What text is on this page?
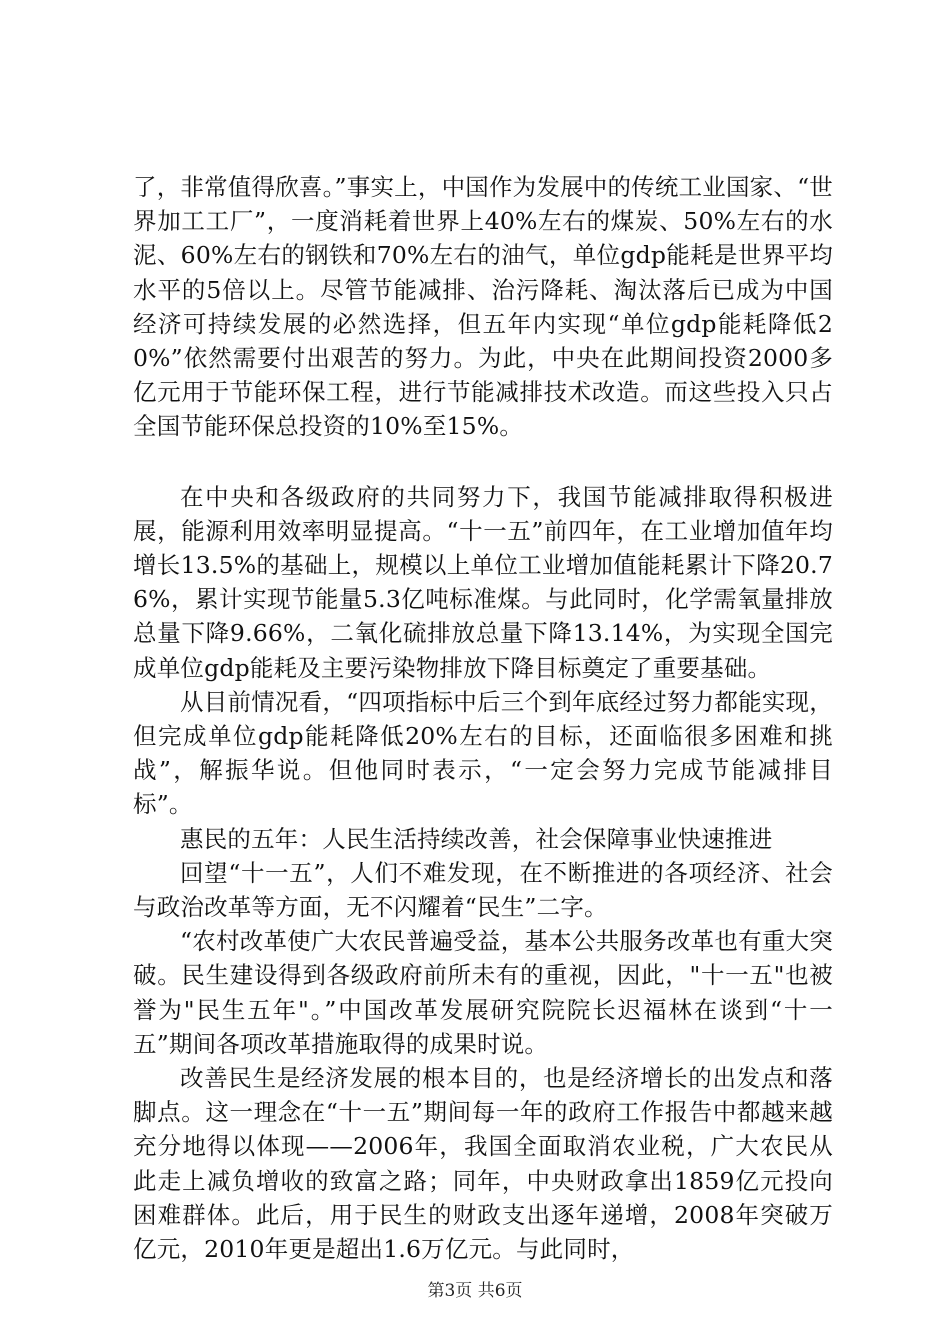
了，非常值得欣喜。”事实上，中国作为发展中的传统工业国家、“世界加工工厂”，一度消耗着世界上40%左右的煤炭、50%左右的水泥、60%左右的钢铁和70%左右的油气，单位gdp能耗是世界平均水平的5倍以上。尽管节能减排、治污降耗、淘汰落后已成为中国经济可持续发展的必然选择，但五年内实现“单位gdp能耗降低20%”依然需要付出艰苦的努力。为此，中央在此期间投资2000多亿元用于节能环保工程，进行节能减排技术改造。而这些投入只占全国节能环保总投资的10%至15%。

在中央和各级政府的共同努力下，我国节能减排取得积极进展，能源利用效率明显提高。“十一五”前四年，在工业增加值年均增长13.5%的基础上，规模以上单位工业增加值能耗累计下降20.76%，累计实现节能量5.3亿吨标准煤。与此同时，化学需氧量排放总量下降9.66%，二氧化硫排放总量下降13.14%，为实现全国完成单位gdp能耗及主要污染物排放下降目标奠定了重要基础。

从目前情况看，“四项指标中后三个到年底经过努力都能实现，但完成单位gdp能耗降低20%左右的目标，还面临很多困难和挑战”，解振华说。但他同时表示，“一定会努力完成节能减排目标”。

惠民的五年：人民生活持续改善，社会保障事业快速推进

回望“十一五”，人们不难发现，在不断推进的各项经济、社会与政治改革等方面，无不闪耀着“民生”二字。

“农村改革使广大农民普遍受益，基本公共服务改革也有重大突破。民生建设得到各级政府前所未有的重视，因此，"十一五"也被誉为"民生五年"。”中国改革发展研究院院长迟福林在谈到“十一五”期间各项改革措施取得的成果时说。

改善民生是经济发展的根本目的，也是经济增长的出发点和落脚点。这一理念在“十一五”期间每一年的政府工作报告中都越来越充分地得以体现——2006年，我国全面取消农业税，广大农民从此走上减负增收的致富之路；同年，中央财政拿出1859亿元投向困难群体。此后，用于民生的财政支出逐年递增，2008年突破万亿元，2010年更是超出1.6万亿元。与此同时，

第3页 共6页
